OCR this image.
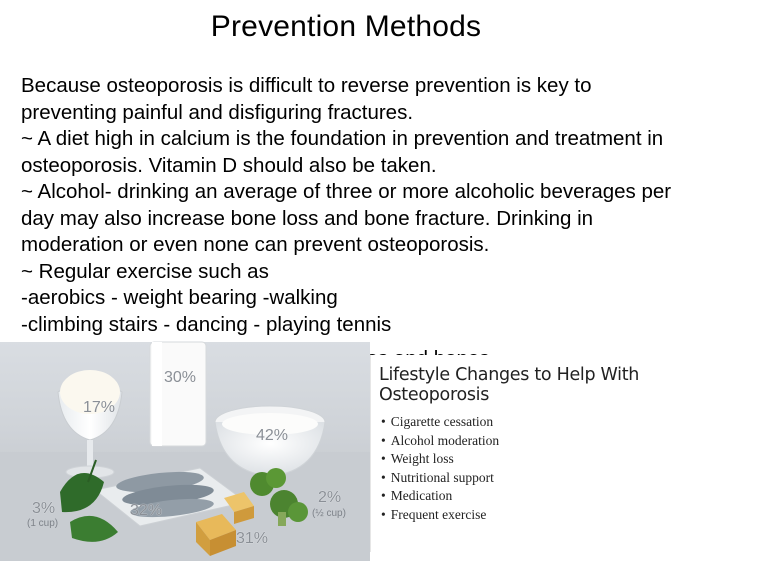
Prevention Methods
Because osteoporosis is difficult to reverse prevention is key to
preventing painful and disfiguring fractures.
~ A diet high in calcium is the foundation in prevention and treatment in
osteoporosis. Vitamin D should also be taken.
~ Alcohol- drinking an average of three or more alcoholic beverages per
day may also increase bone loss and bone fracture. Drinking in
moderation or even none can prevent osteoporosis.
~ Regular exercise such as
-aerobics - weight bearing -walking
-climbing stairs - dancing - playing tennis
17%
30%
42%
3%
(1 cup)
32%
31%
2%
(½ cup)
Lifestyle Changes to Help With Osteoporosis
• Cigarette cessation
• Alcohol moderation
• Weight loss
• Nutritional support
• Medication
• Frequent exercise
